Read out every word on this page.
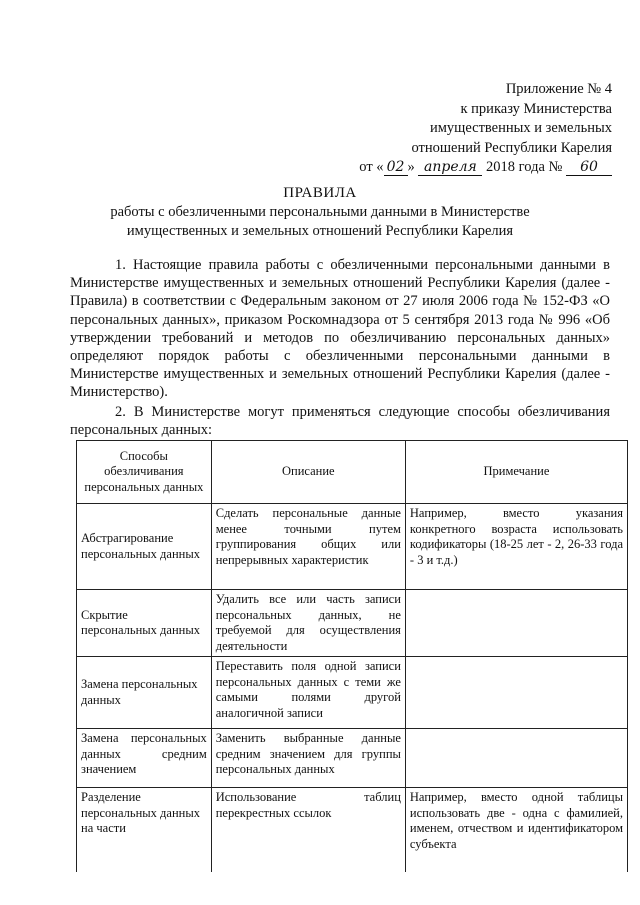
Приложение № 4
к приказу Министерства
имущественных и земельных
отношений Республики Карелия
от « 02 » апреля 2018 года № 60
ПРАВИЛА
работы с обезличенными персональными данными в Министерстве имущественных и земельных отношений Республики Карелия
1. Настоящие правила работы с обезличенными персональными данными в Министерстве имущественных и земельных отношений Республики Карелия (далее - Правила) в соответствии с Федеральным законом от 27 июля 2006 года № 152-ФЗ «О персональных данных», приказом Роскомнадзора от 5 сентября 2013 года № 996 «Об утверждении требований и методов по обезличиванию персональных данных» определяют порядок работы с обезличенными персональными данными в Министерстве имущественных и земельных отношений Республики Карелия (далее - Министерство).
2. В Министерстве могут применяться следующие способы обезличивания персональных данных:
Способы обезличивания персональных данных	Описание	Примечание
Абстрагирование персональных данных	Сделать персональные данные менее точными путем группирования общих или непрерывных характеристик	Например, вместо указания конкретного возраста использовать кодификаторы (18-25 лет - 2, 26-33 года - 3 и т.д.)
Скрытие персональных данных	Удалить все или часть записи персональных данных, не требуемой для осуществления деятельности	
Замена персональных данных	Переставить поля одной записи персональных данных с теми же самыми полями другой аналогичной записи	
Замена персональных данных средним значением	Заменить выбранные данные средним значением для группы персональных данных	
Разделение персональных данных на части	Использование таблиц перекрестных ссылок	Например, вместо одной таблицы использовать две - одна с фамилией, именем, отчеством и идентификатором субъекта
